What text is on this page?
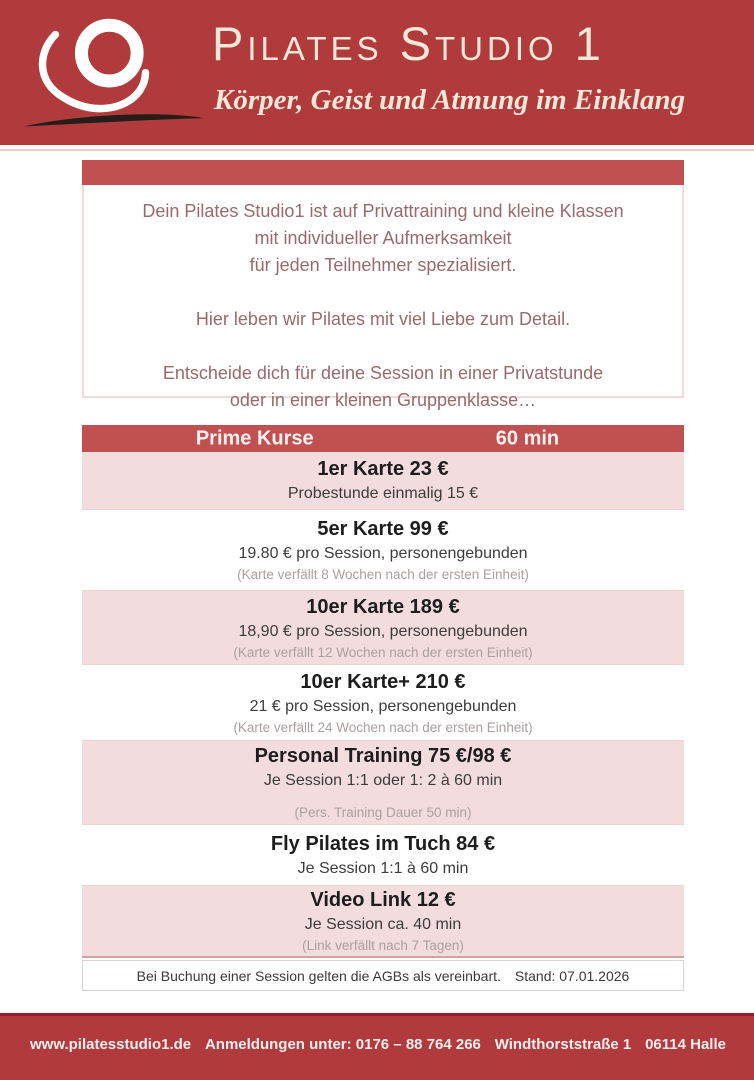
Pilates Studio 1
Körper, Geist und Atmung im Einklang

Dein Pilates Studio1 ist auf Privattraining und kleine Klassen
mit individueller Aufmerksamkeit
für jeden Teilnehmer spezialisiert.

Hier leben wir Pilates mit viel Liebe zum Detail.

Entscheide dich für deine Session in einer Privatstunde
oder in einer kleinen Gruppenklasse…

Prime Kurse	60 min
1er Karte 23 €
Probestunde einmalig 15 €
5er Karte 99 €
19.80 € pro Session, personengebunden
(Karte verfällt 8 Wochen nach der ersten Einheit)
10er Karte 189 €
18,90 € pro Session, personengebunden
(Karte verfällt 12 Wochen nach der ersten Einheit)
10er Karte+ 210 €
21 € pro Session, personengebunden
(Karte verfällt 24 Wochen nach der ersten Einheit)
Personal Training 75 €/98 €
Je Session 1:1 oder 1: 2 à 60 min
(Pers. Training Dauer 50 min)
Fly Pilates im Tuch 84 €
Je Session 1:1 à 60 min
Video Link 12 €
Je Session ca. 40 min
(Link verfällt nach 7 Tagen)
Bei Buchung einer Session gelten die AGBs als vereinbart. Stand: 07.01.2026
www.pilatesstudio1.de Anmeldungen unter: 0176 – 88 764 266 Windthorststraße 1 06114 Halle
